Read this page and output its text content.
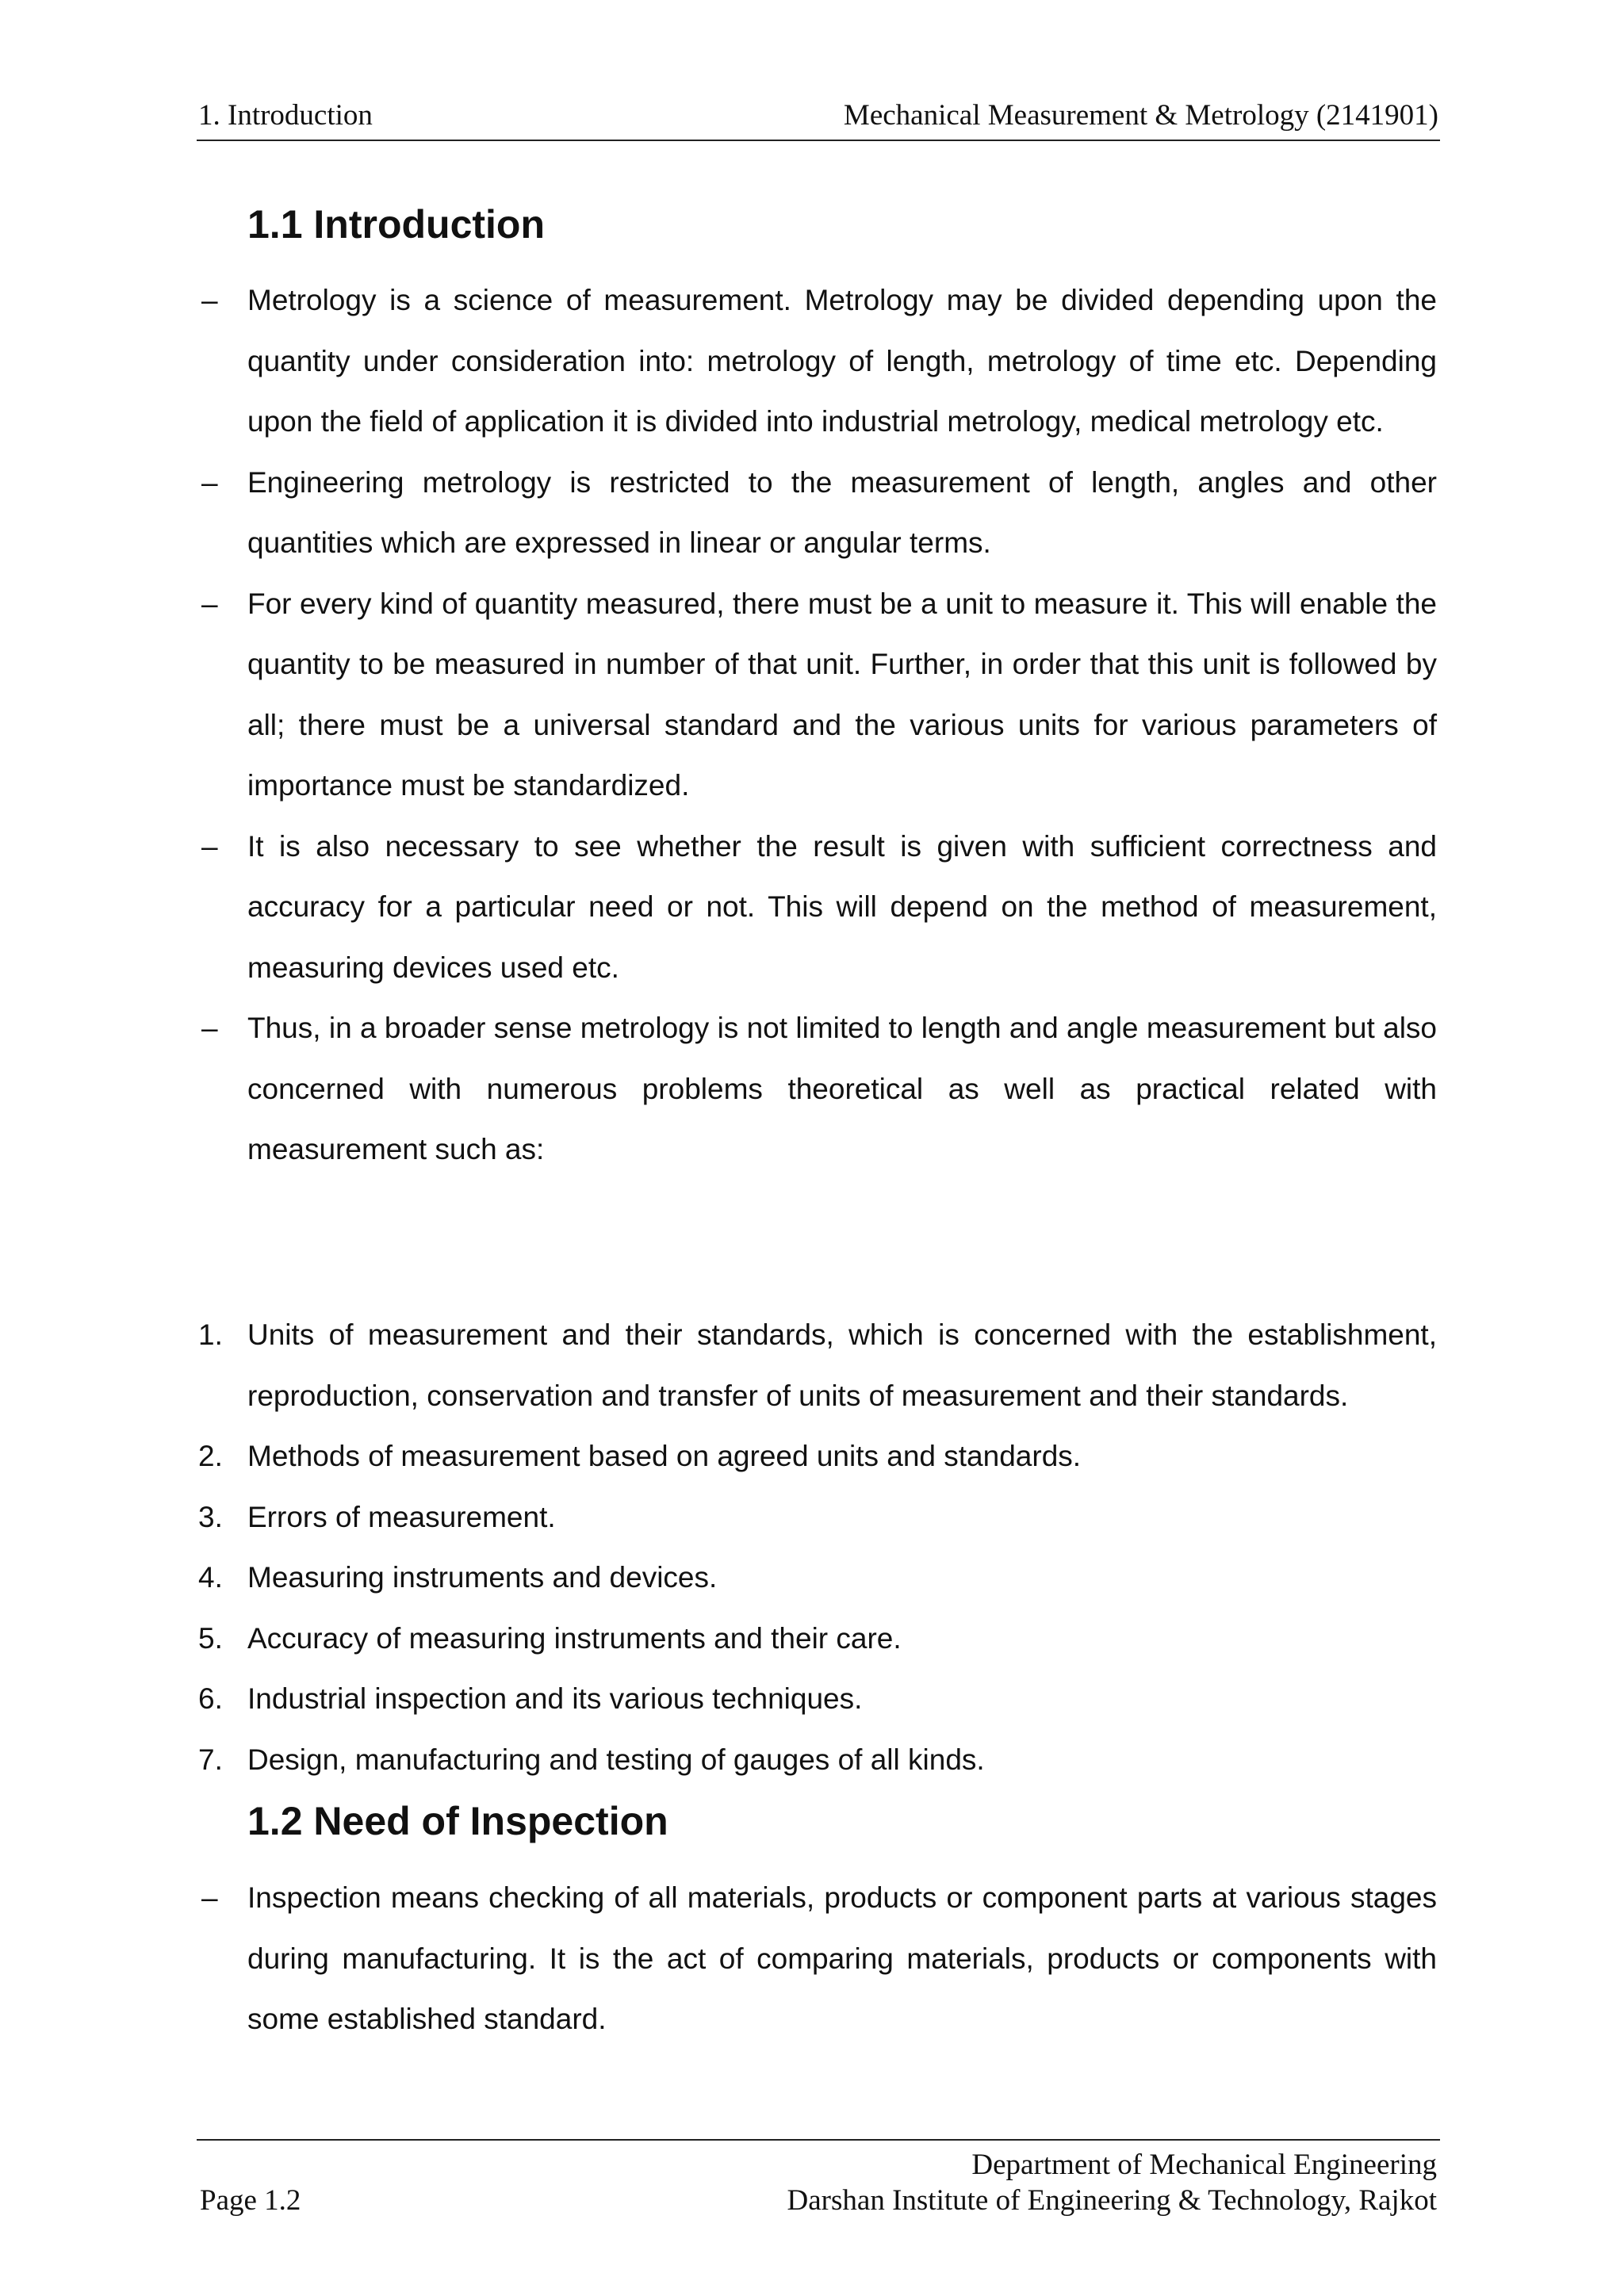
1. Introduction	Mechanical Measurement & Metrology (2141901)
1.1 Introduction
–	Metrology is a science of measurement. Metrology may be divided depending upon the quantity under consideration into: metrology of length, metrology of time etc. Depending upon the field of application it is divided into industrial metrology, medical metrology etc.
–	Engineering metrology is restricted to the measurement of length, angles and other quantities which are expressed in linear or angular terms.
–	For every kind of quantity measured, there must be a unit to measure it. This will enable the quantity to be measured in number of that unit. Further, in order that this unit is followed by all; there must be a universal standard and the various units for various parameters of importance must be standardized.
–	It is also necessary to see whether the result is given with sufficient correctness and accuracy for a particular need or not. This will depend on the method of measurement, measuring devices used etc.
–	Thus, in a broader sense metrology is not limited to length and angle measurement but also concerned with numerous problems theoretical as well as practical related with measurement such as:
1. Units of measurement and their standards, which is concerned with the establishment, reproduction, conservation and transfer of units of measurement and their standards.
2. Methods of measurement based on agreed units and standards.
3. Errors of measurement.
4. Measuring instruments and devices.
5. Accuracy of measuring instruments and their care.
6. Industrial inspection and its various techniques.
7. Design, manufacturing and testing of gauges of all kinds.
1.2 Need of Inspection
–	Inspection means checking of all materials, products or component parts at various stages during manufacturing. It is the act of comparing materials, products or components with some established standard.
Department of Mechanical Engineering
Page 1.2	Darshan Institute of Engineering & Technology, Rajkot
